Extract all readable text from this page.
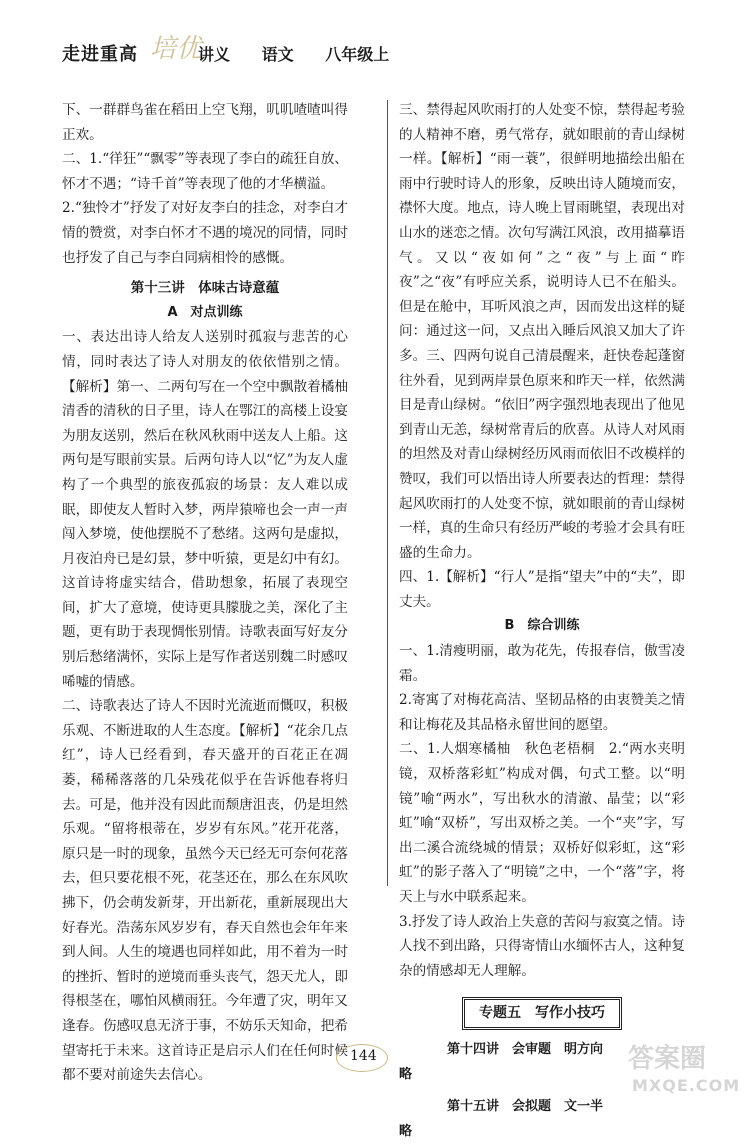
走进重高 培优
讲义 语文 八年级上

下、一群群鸟雀在稻田上空飞翔，叽叽喳喳叫得正欢。

二、1.“徉狂”“飘零”等表现了李白的疏狂自放、怀才不遇；“诗千首”等表现了他的才华横溢。

2.“独怜才”抒发了对好友李白的挂念，对李白才情的赞赏，对李白怀才不遇的境况的同情，同时也抒发了自己与李白同病相怜的感慨。

第十三讲　体味古诗意蕴

A　对点训练

一、表达出诗人给友人送别时孤寂与悲苦的心情，同时表达了诗人对朋友的依依惜别之情。【解析】第一、二两句写在一个空中飘散着橘柚清香的清秋的日子里，诗人在鄂江的高楼上设宴为朋友送别，然后在秋风秋雨中送友人上船。这两句是写眼前实景。后两句诗人以“忆”为友人虚构了一个典型的旅夜孤寂的场景：友人难以成眠，即使友人暂时入梦，两岸猿啼也会一声一声闯入梦境，使他摆脱不了愁绪。这两句是虚拟，月夜泊舟已是幻景，梦中听猿，更是幻中有幻。这首诗将虚实结合，借助想象，拓展了表现空间，扩大了意境，使诗更具朦胧之美，深化了主题，更有助于表现惆怅别情。诗歌表面写好友分别后愁绪满怀，实际上是写作者送别魏二时感叹唏嘘的情感。

二、诗歌表达了诗人不因时光流逝而慨叹，积极乐观、不断进取的人生态度。【解析】“花余几点红”，诗人已经看到，春天盛开的百花正在凋萎，稀稀落落的几朵残花似乎在告诉他春将归去。可是，他并没有因此而颓唐沮丧，仍是坦然乐观。“留将根蒂在，岁岁有东风。”花开花落，原只是一时的现象，虽然今天已经无可奈何花落去，但只要花根不死，花茎还在，那么在东风吹拂下，仍会萌发新芽，开出新花，重新展现出大好春光。浩荡东风岁岁有，春天自然也会年年来到人间。人生的境遇也同样如此，用不着为一时的挫折、暂时的逆境而垂头丧气，怨天尤人，即得根茎在，哪怕风横雨狂。今年遭了灾，明年又逢春。伤感叹息无济于事，不妨乐天知命，把希望寄托于未来。这首诗正是启示人们在任何时候都不要对前途失去信心。

三、禁得起风吹雨打的人处变不惊，禁得起考验的人精神不磨，勇气常存，就如眼前的青山绿树一样。【解析】“雨一蓑”，很鲜明地描绘出船在雨中行驶时诗人的形象，反映出诗人随境而安，襟怀大度。地点，诗人晚上冒雨眺望，表现出对山水的迷恋之情。次句写满江风浪，改用描摹语气。又以“夜如何”之“夜”与上面“昨夜”之“夜”有呼应关系，说明诗人已不在船头。但是在舱中，耳听风浪之声，因而发出这样的疑问：通过这一问，又点出入睡后风浪又加大了许多。三、四两句说自己清晨醒来，赶快卷起蓬窗往外看，见到两岸景色原来和昨天一样，依然满目是青山绿树。“依旧”两字强烈地表现出了他见到青山无恙，绿树常青后的欣喜。从诗人对风雨的坦然及对青山绿树经历风雨而依旧不改模样的赞叹，我们可以悟出诗人所要表达的哲理：禁得起风吹雨打的人处变不惊，就如眼前的青山绿树一样，真的生命只有经历严峻的考验才会具有旺盛的生命力。

四、1.【解析】“行人”是指“望夫”中的“夫”，即丈夫。

B　综合训练

一、1.清瘦明丽，敢为花先，传报春信，傲雪凌霜。

2.寄寓了对梅花高洁、坚韧品格的由衷赞美之情和让梅花及其品格永留世间的愿望。

二、1.人烟寒橘柚　秋色老梧桐　2.“两水夹明镜，双桥落彩虹”构成对偶，句式工整。以“明镜”喻“两水”，写出秋水的清澈、晶莹；以“彩虹”喻“双桥”，写出双桥之美。一个“夹”字，写出二溪合流绕城的情景；双桥好似彩虹，这“彩虹”的影子落入了“明镜”之中，一个“落”字，将天上与水中联系起来。

3.抒发了诗人政治上失意的苦闷与寂寞之情。诗人找不到出路，只得寄情山水缅怀古人，这种复杂的情感却无人理解。

专题五　写作小技巧

第十四讲　会审题　明方向

略

第十五讲　会拟题　文一半

略

144	答案圈
MXQE.COM
